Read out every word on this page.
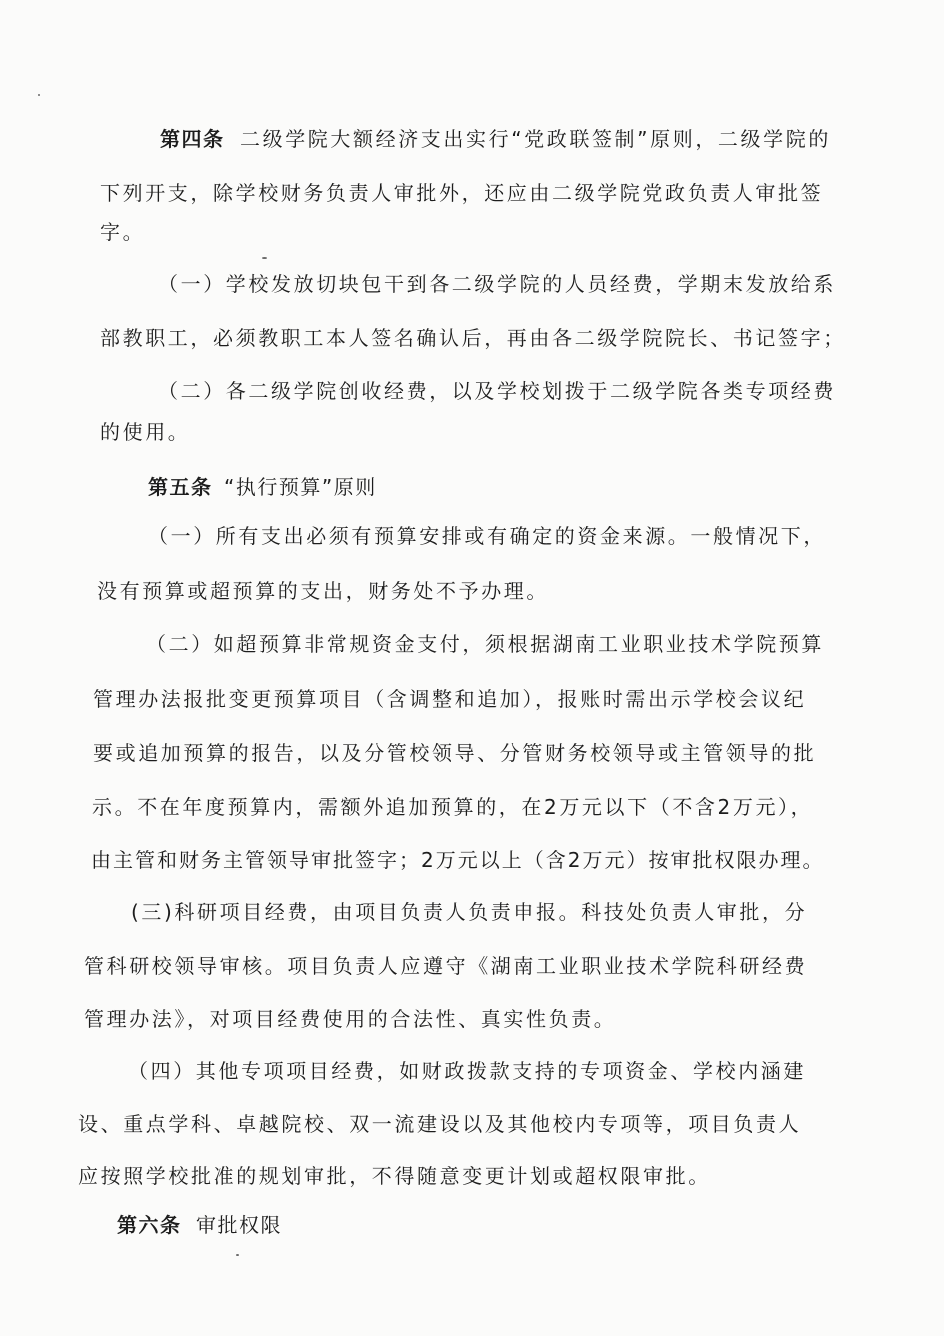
第四条 二级学院大额经济支出实行“党政联签制”原则，二级学院的
下列开支，除学校财务负责人审批外，还应由二级学院党政负责人审批签
字。
（一）学校发放切块包干到各二级学院的人员经费，学期末发放给系
部教职工，必须教职工本人签名确认后，再由各二级学院院长、书记签字；
（二）各二级学院创收经费，以及学校划拨于二级学院各类专项经费
的使用。
第五条 “执行预算”原则
（一）所有支出必须有预算安排或有确定的资金来源。一般情况下，
没有预算或超预算的支出，财务处不予办理。
（二）如超预算非常规资金支付，须根据湖南工业职业技术学院预算
管理办法报批变更预算项目（含调整和追加），报账时需出示学校会议纪
要或追加预算的报告，以及分管校领导、分管财务校领导或主管领导的批
示。不在年度预算内，需额外追加预算的，在2万元以下（不含2万元），
由主管和财务主管领导审批签字；2万元以上（含2万元）按审批权限办理。
(三)科研项目经费，由项目负责人负责申报。科技处负责人审批，分
管科研校领导审核。项目负责人应遵守《湖南工业职业技术学院科研经费
管理办法》，对项目经费使用的合法性、真实性负责。
（四）其他专项项目经费，如财政拨款支持的专项资金、学校内涵建
设、重点学科、卓越院校、双一流建设以及其他校内专项等，项目负责人
应按照学校批准的规划审批，不得随意变更计划或超权限审批。
第六条 审批权限
